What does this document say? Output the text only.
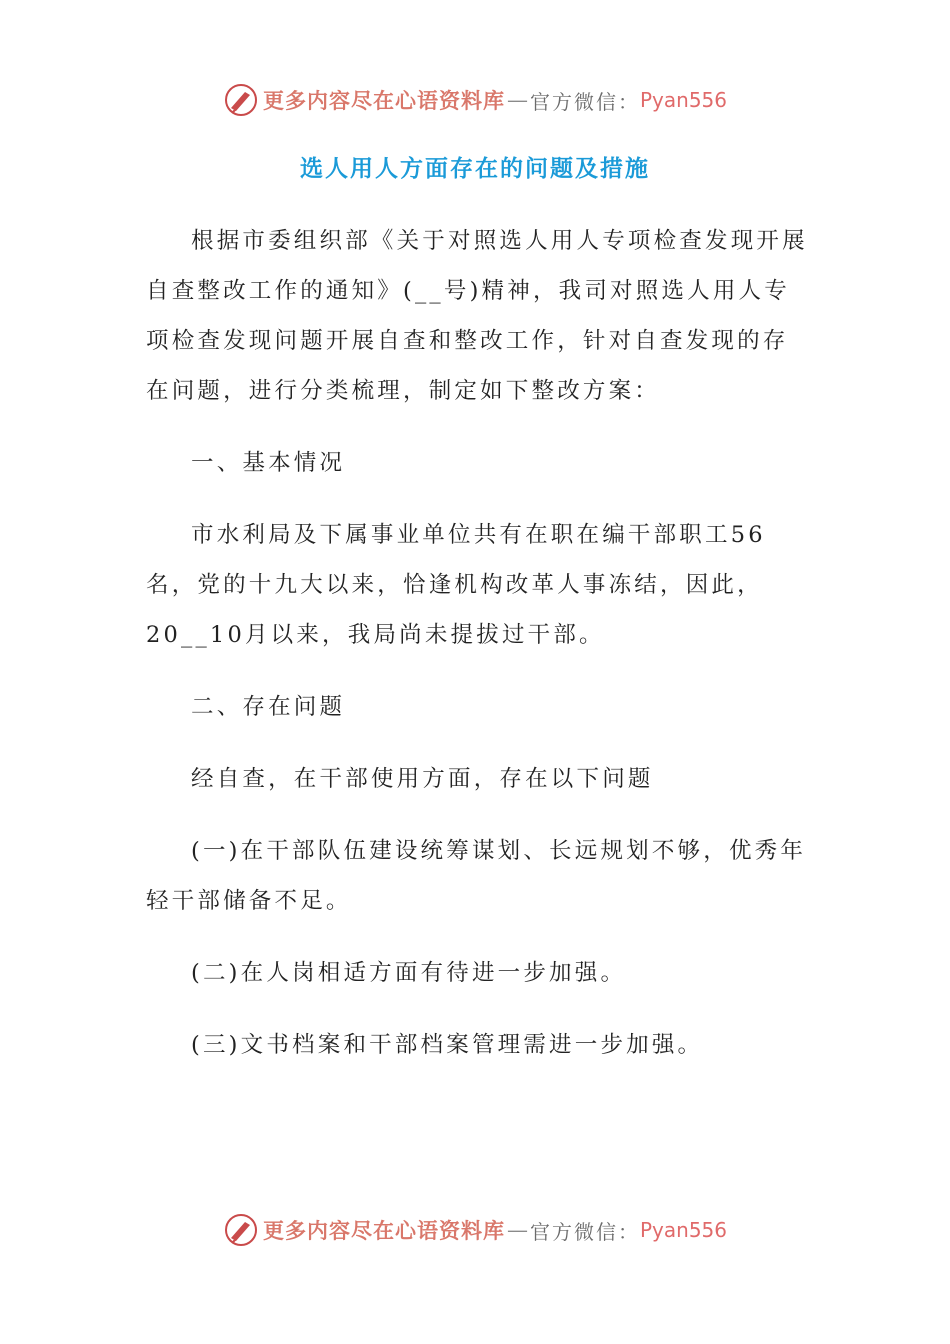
更多内容尽在心语资料库 — 官方微信： Pyan556
选人用人方面存在的问题及措施

根据市委组织部《关于对照选人用人专项检查发现开展自查整改工作的通知》(__号)精神，我司对照选人用人专项检查发现问题开展自查和整改工作，针对自查发现的存在问题，进行分类梳理，制定如下整改方案：

一、基本情况

市水利局及下属事业单位共有在职在编干部职工56名，党的十九大以来，恰逢机构改革人事冻结，因此，20__10月以来，我局尚未提拔过干部。

二、存在问题

经自查，在干部使用方面，存在以下问题

(一)在干部队伍建设统筹谋划、长远规划不够，优秀年轻干部储备不足。

(二)在人岗相适方面有待进一步加强。

(三)文书档案和干部档案管理需进一步加强。

更多内容尽在心语资料库 — 官方微信： Pyan556
